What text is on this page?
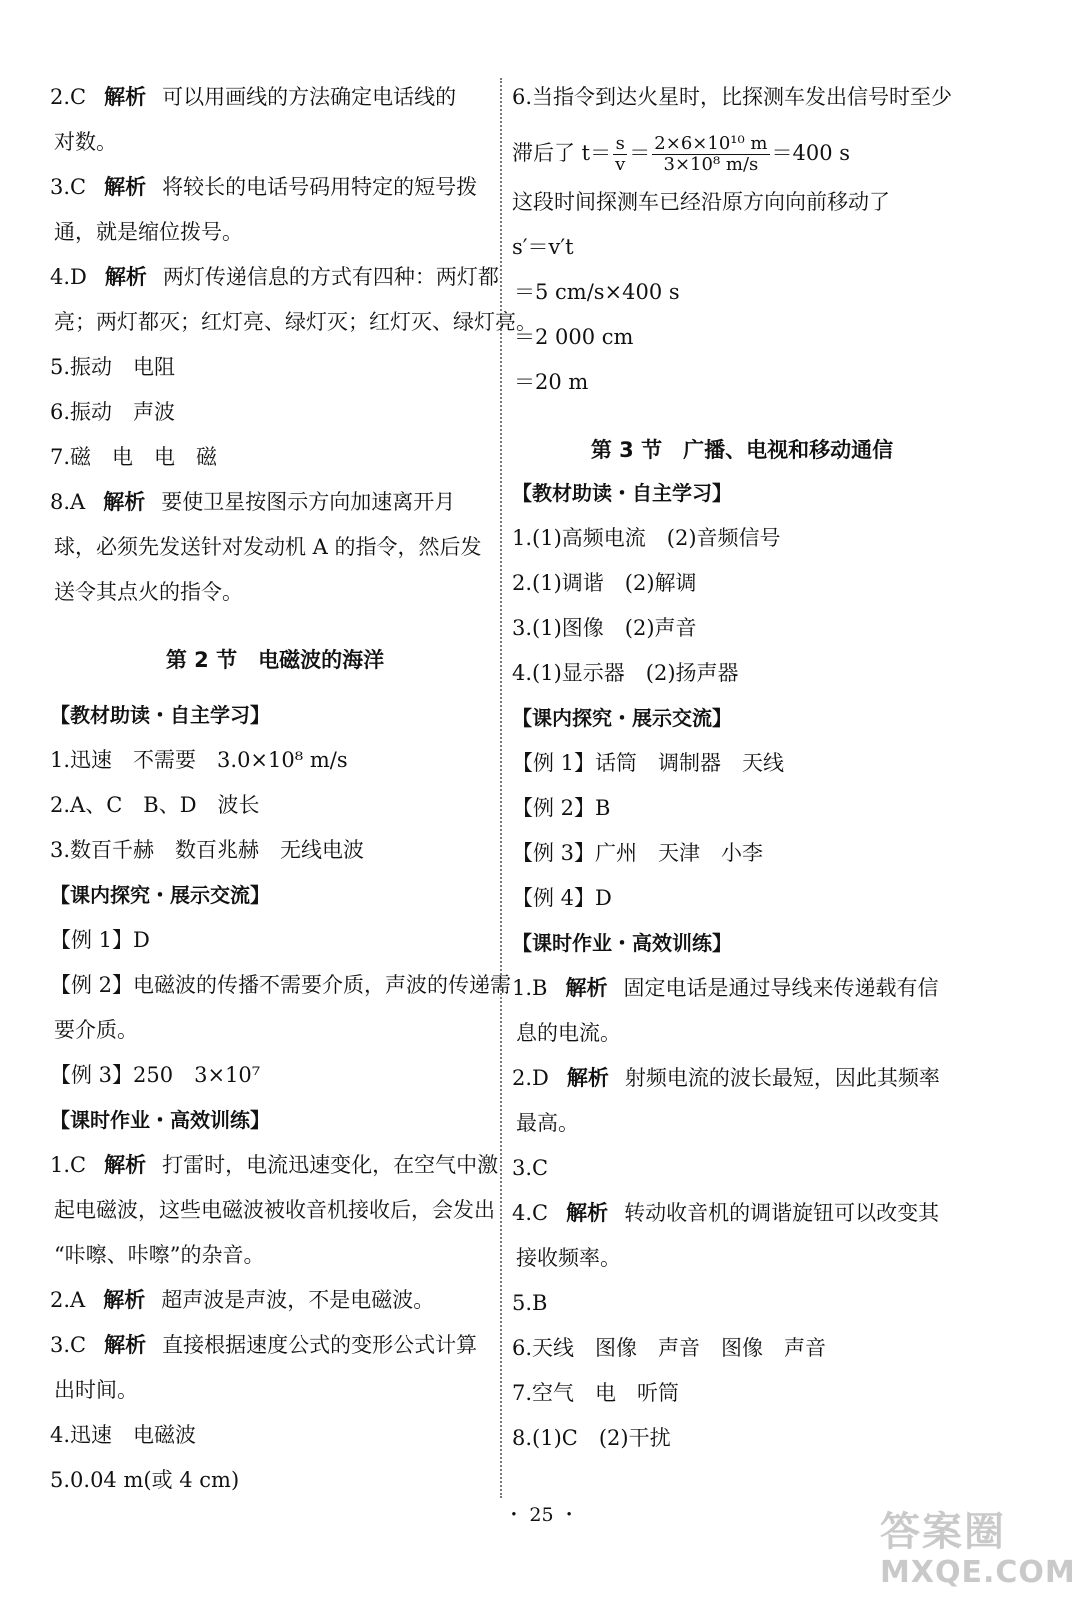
2.C 解析 可以用画线的方法确定电话线的
对数。
3.C 解析 将较长的电话号码用特定的短号拨
通，就是缩位拨号。
4.D 解析 两灯传递信息的方式有四种：两灯都
亮；两灯都灭；红灯亮、绿灯灭；红灯灭、绿灯亮。
5.振动　电阻
6.振动　声波
7.磁　电　电　磁
8.A 解析 要使卫星按图示方向加速离开月
球，必须先发送针对发动机 A 的指令，然后发
送令其点火的指令。
第 2 节　电磁波的海洋
【教材助读・自主学习】
1.迅速　不需要　3.0×10⁸ m/s
2.A、C　B、D　波长
3.数百千赫　数百兆赫　无线电波
【课内探究・展示交流】
【例 1】D
【例 2】电磁波的传播不需要介质，声波的传递需
要介质。
【例 3】250　3×10⁷
【课时作业・高效训练】
1.C 解析 打雷时，电流迅速变化，在空气中激
起电磁波，这些电磁波被收音机接收后，会发出
“咔嚓、咔嚓”的杂音。
2.A 解析 超声波是声波，不是电磁波。
3.C 解析 直接根据速度公式的变形公式计算
出时间。
4.迅速　电磁波
5.0.04 m(或 4 cm)
6.当指令到达火星时，比探测车发出信号时至少
滞后了 $t= \frac{s}{v} = \frac{\text{2×6×10¹⁰ m}}{\text{3×10⁸ m/s}} =400$ s
这段时间探测车已经沿原方向向前移动了
s′＝v′t
＝5 cm/s×400 s
＝2 000 cm
＝20 m
第 3 节　广播、电视和移动通信
【教材助读・自主学习】
1.(1)高频电流　(2)音频信号
2.(1)调谐　(2)解调
3.(1)图像　(2)声音
4.(1)显示器　(2)扬声器
【课内探究・展示交流】
【例 1】话筒　调制器　天线
【例 2】B
【例 3】广州　天津　小李
【例 4】D
【课时作业・高效训练】
1.B 解析 固定电话是通过导线来传递载有信
息的电流。
2.D 解析 射频电流的波长最短，因此其频率
最高。
3.C
4.C 解析 转动收音机的调谐旋钮可以改变其
接收频率。
5.B
6.天线　图像　声音　图像　声音
7.空气　电　听筒
8.(1)C　(2)干扰
・ 25 ・	答案圈
MXQE.COM
